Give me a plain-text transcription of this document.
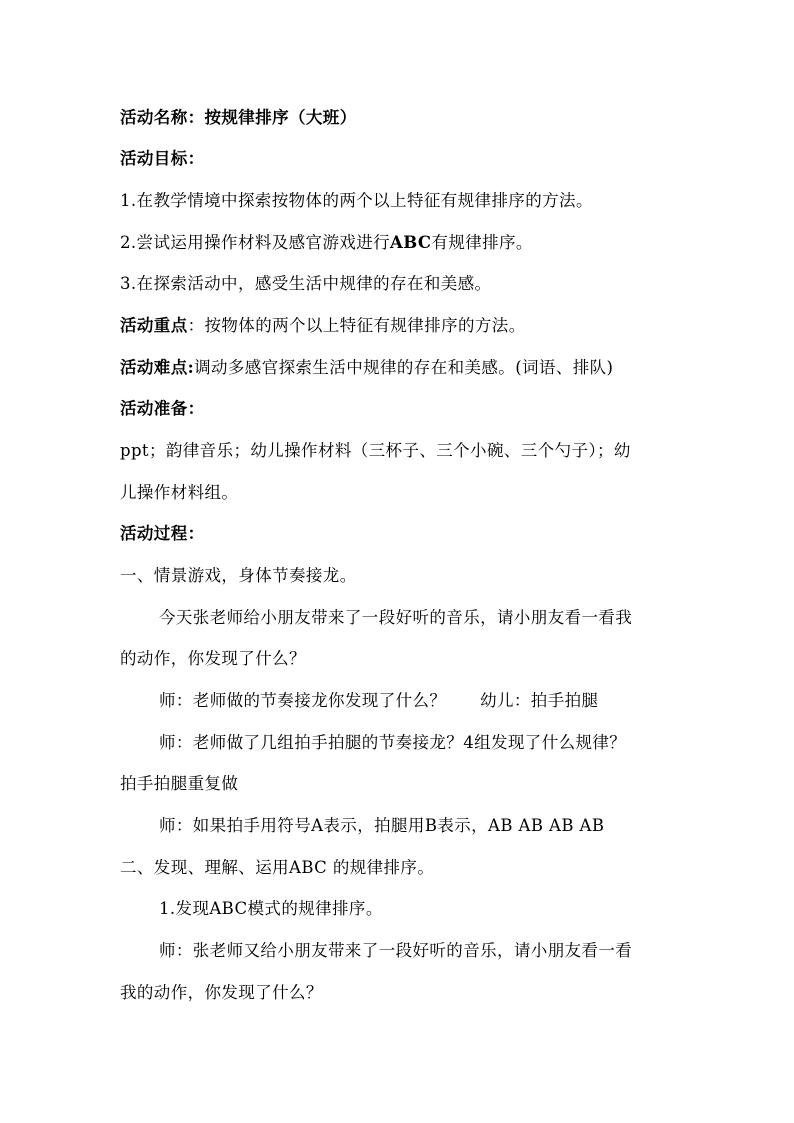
活动名称：按规律排序（大班）
活动目标：
1.在教学情境中探索按物体的两个以上特征有规律排序的方法。
2.尝试运用操作材料及感官游戏进行ABC有规律排序。
3.在探索活动中，感受生活中规律的存在和美感。
活动重点：按物体的两个以上特征有规律排序的方法。
活动难点:调动多感官探索生活中规律的存在和美感。(词语、排队)
活动准备：
ppt；韵律音乐；幼儿操作材料（三杯子、三个小碗、三个勺子）；幼
儿操作材料组。
活动过程：
一、情景游戏，身体节奏接龙。
今天张老师给小朋友带来了一段好听的音乐，请小朋友看一看我
的动作，你发现了什么？
师：老师做的节奏接龙你发现了什么？　　幼儿：拍手拍腿
师：老师做了几组拍手拍腿的节奏接龙？4组发现了什么规律？
拍手拍腿重复做
师：如果拍手用符号A表示，拍腿用B表示，AB AB AB AB
二、发现、理解、运用ABC 的规律排序。
1.发现ABC模式的规律排序。
师：张老师又给小朋友带来了一段好听的音乐，请小朋友看一看
我的动作，你发现了什么？
